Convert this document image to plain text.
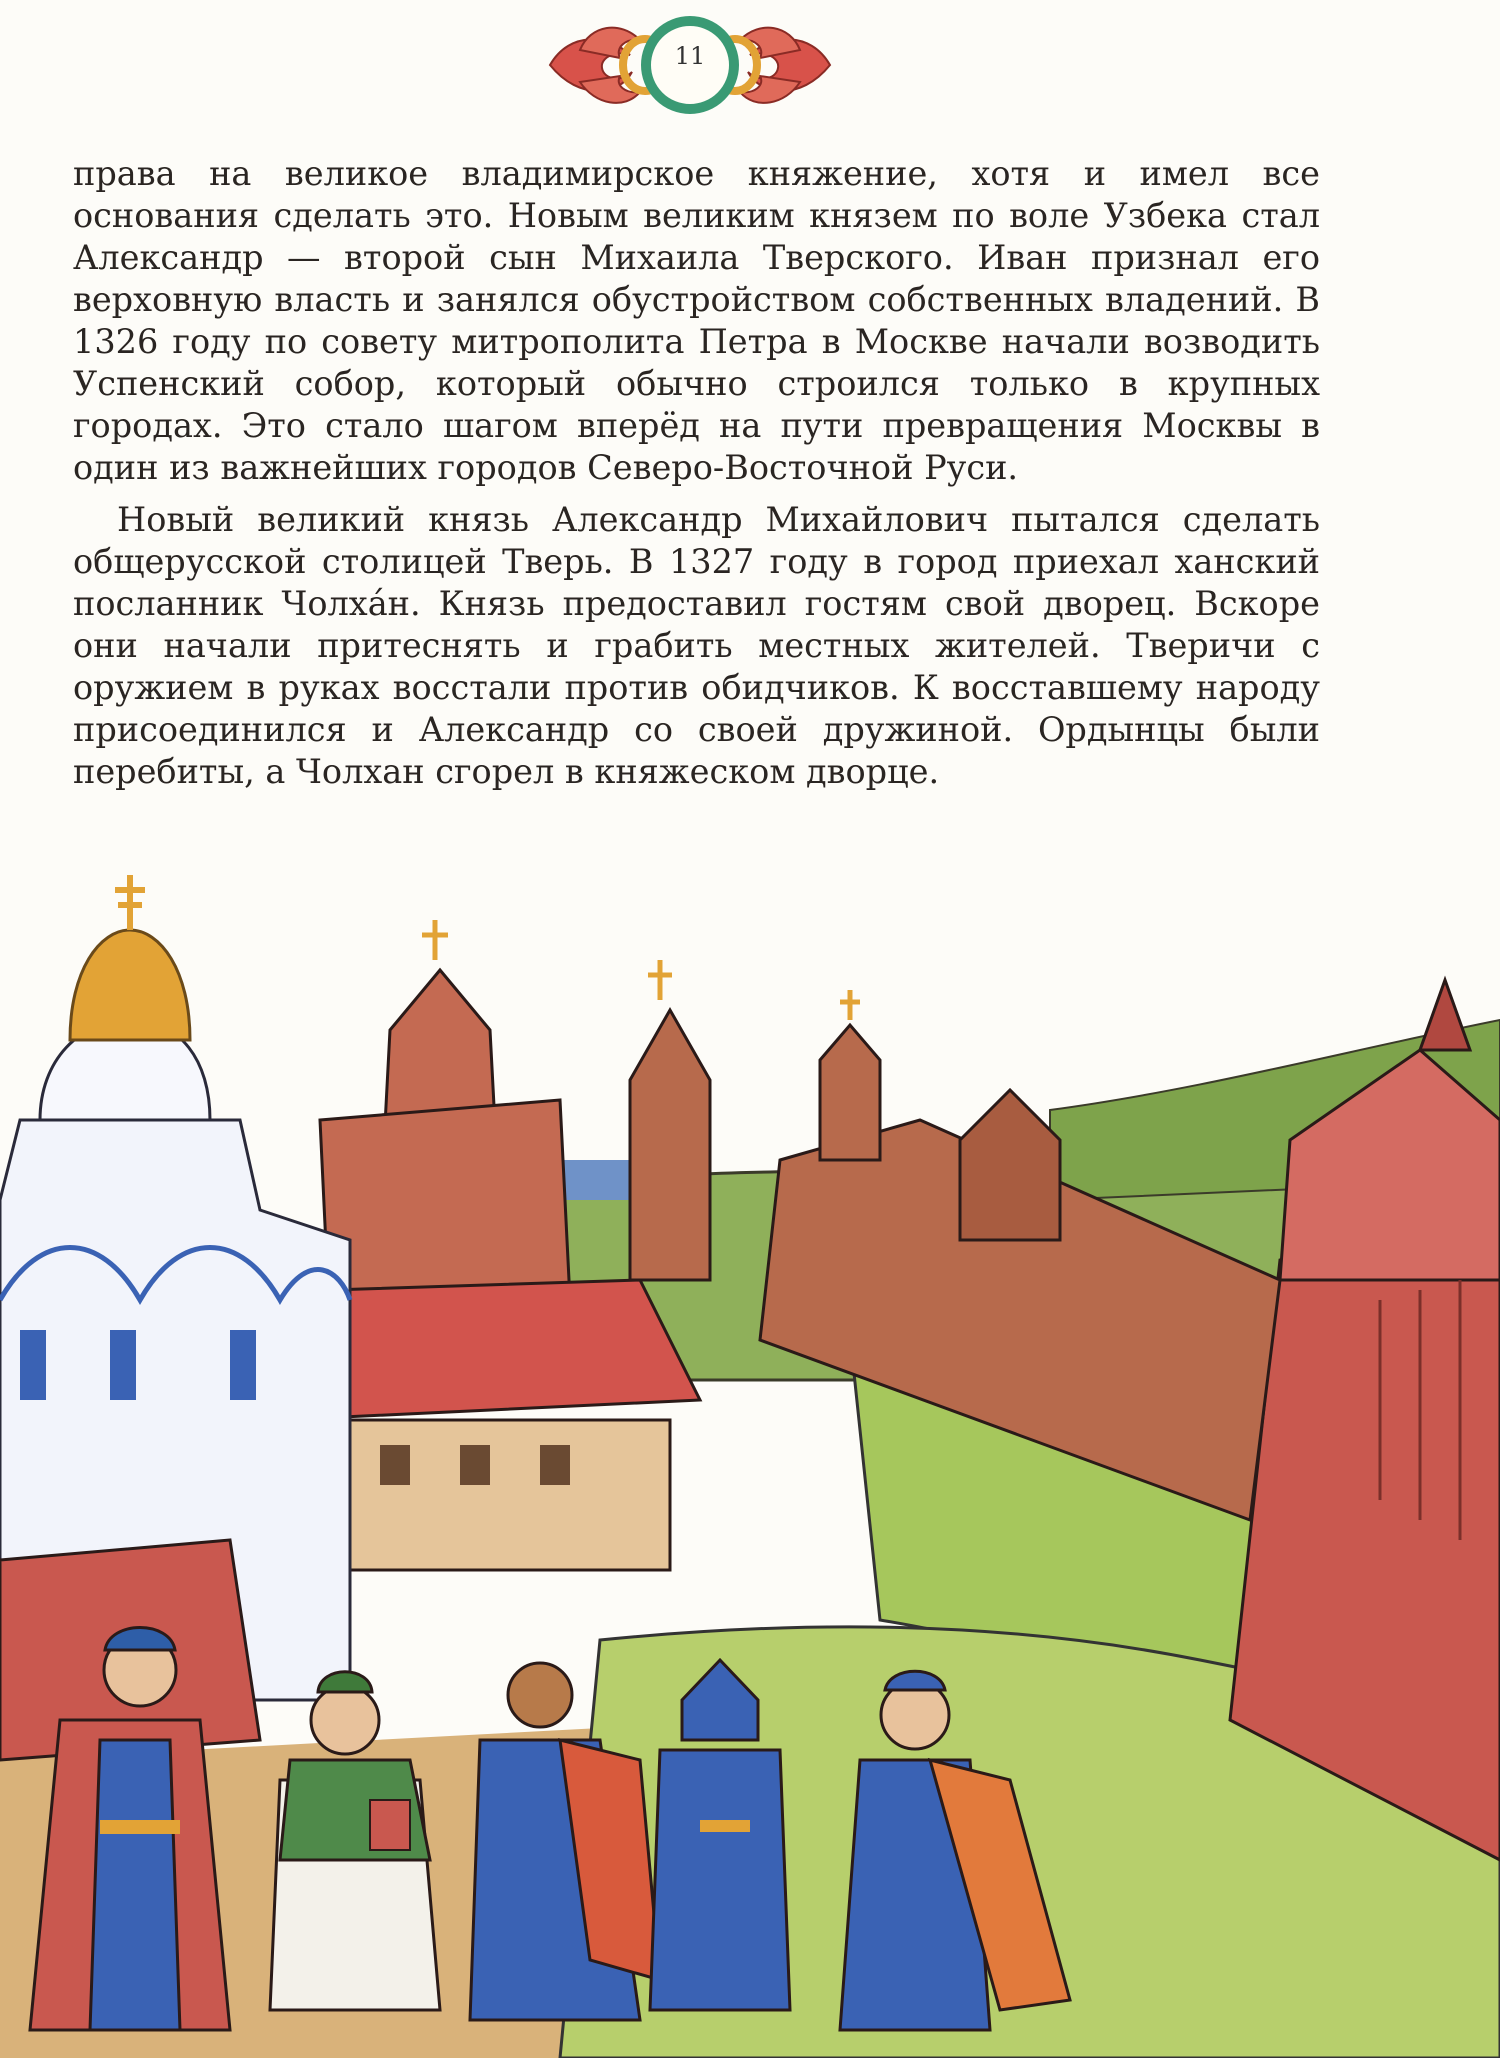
11

права на великое владимирское княжение, хотя и имел все основания сделать это. Новым великим князем по воле Узбека стал Александр — второй сын Михаила Тверского. Иван признал его верховную власть и занялся обустройством собственных владений. В 1326 году по совету митрополита Петра в Москве начали возводить Успенский собор, который обычно строился только в крупных городах. Это стало шагом вперёд на пути превращения Москвы в один из важнейших городов Северо-Восточной Руси.

Новый великий князь Александр Михайлович пытался сделать общерусской столицей Тверь. В 1327 году в город приехал ханский посланник Чолха́н. Князь предоставил гостям свой дворец. Вскоре они начали притеснять и грабить местных жителей. Тверичи с оружием в руках восстали против обидчиков. К восставшему народу присоединился и Александр со своей дружиной. Ордынцы были перебиты, а Чолхан сгорел в княжеском дворце.
